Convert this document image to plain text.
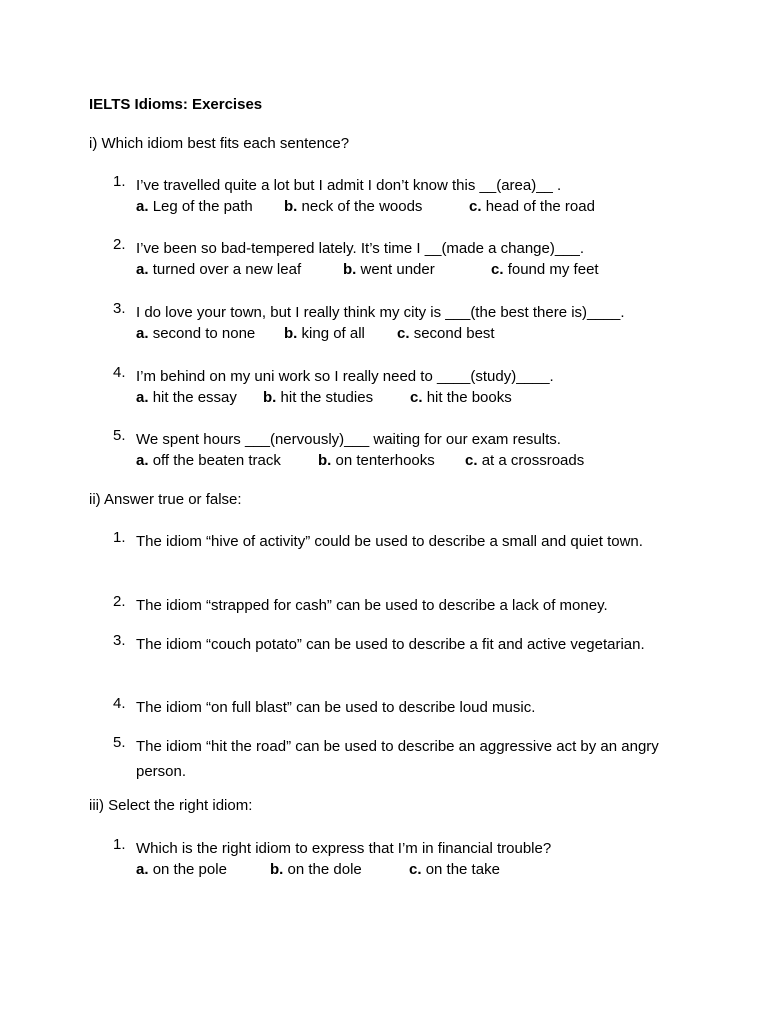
IELTS Idioms: Exercises
i) Which idiom best fits each sentence?
1. I’ve travelled quite a lot but I admit I don’t know this __(area)__ .
a. Leg of the path b. neck of the woods	c. head of the road
2. I’ve been so bad-tempered lately. It’s time I __(made a change)___.
a. turned over a new leaf	b. went under	c. found my feet
3. I do love your town, but I really think my city is ___(the best there is)____.
a. second to none b. king of all c. second best
4. I’m behind on my uni work so I really need to ____(study)____.
a. hit the essay b. hit the studies c. hit the books
5. We spent hours ___(nervously)___ waiting for our exam results.
a. off the beaten track b. on tenterhooks c. at a crossroads
ii) Answer true or false:
1. The idiom “hive of activity” could be used to describe a small and quiet town.
2. The idiom “strapped for cash” can be used to describe a lack of money.
3. The idiom “couch potato” can be used to describe a fit and active vegetarian.
4. The idiom “on full blast” can be used to describe loud music.
5. The idiom “hit the road” can be used to describe an aggressive act by an angry person.
iii) Select the right idiom:
1. Which is the right idiom to express that I’m in financial trouble?
a. on the pole	b. on the dole	c. on the take
